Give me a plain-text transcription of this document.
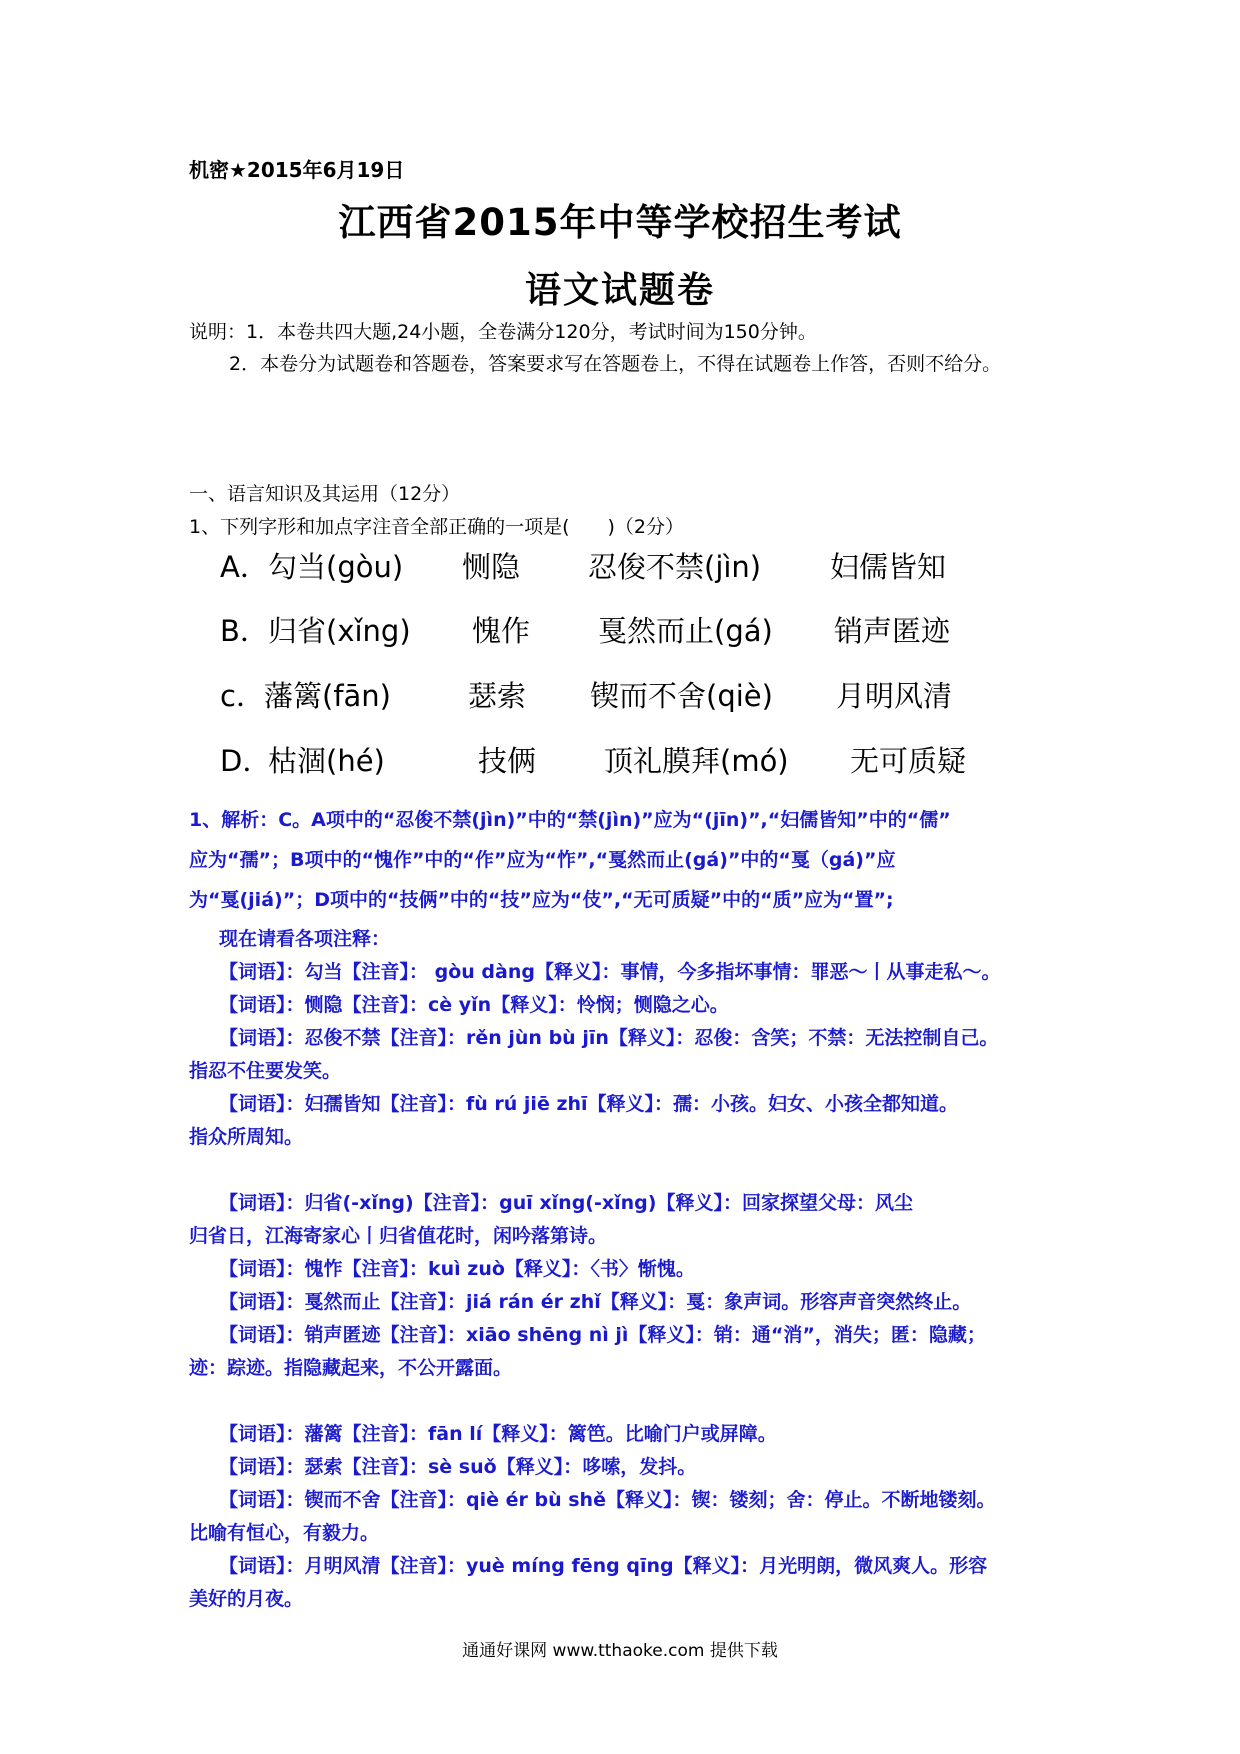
机密★2015年6月19日
江西省2015年中等学校招生考试
语文试题卷
说明：1．本卷共四大题,24小题，全卷满分120分，考试时间为150分钟。
2．本卷分为试题卷和答题卷，答案要求写在答题卷上，不得在试题卷上作答，否则不给分。
一、语言知识及其运用（12分）
1、下列字形和加点字注音全部正确的一项是(　　)（2分）
A． 勾当(gòu) 恻隐 忍俊不禁(jìn) 妇儒皆知
B． 归省(xǐng) 愧作 戛然而止(gá) 销声匿迹
c． 藩篱(fān)	瑟索 锲而不舍(qiè) 月明风清
D．
枯涸(hé)	技俩 顶礼膜拜(mó) 无可质疑

1、解析：C。A项中的“忍俊不禁(jìn)”中的“禁(jìn)”应为“(jīn)”,“妇儒皆知”中的“儒”

应为“孺”；B项中的“愧作”中的“作”应为“怍”,“戛然而止(gá)”中的“戛（gá)”应

为“戛(jiá)”；D项中的“技俩”中的“技”应为“伎”,“无可质疑”中的“质”应为“置”;

现在请看各项注释：

【词语】：勾当【注音】： gòu dàng【释义】：事情，今多指坏事情：罪恶～丨从事走私～。

【词语】：恻隐【注音】：cè yǐn【释义】：怜悯；恻隐之心。

【词语】：忍俊不禁【注音】：rěn jùn bù jīn【释义】：忍俊：含笑；不禁：无法控制自己。

指忍不住要发笑。

【词语】：妇孺皆知【注音】：fù rú jiē zhī【释义】：孺：小孩。妇女、小孩全都知道。

指众所周知。

【词语】：归省(-xǐng)【注音】：guī xǐng(-xǐng)【释义】：回家探望父母：风尘

归省日，江海寄家心丨归省值花时，闲吟落第诗。

【词语】：愧怍【注音】：kuì zuò【释义】：〈书〉惭愧。

【词语】：戛然而止【注音】：jiá rán ér zhǐ【释义】：戛：象声词。形容声音突然终止。

【词语】：销声匿迹【注音】：xiāo shēng nì jì【释义】：销：通“消”，消失；匿：隐藏；

迹：踪迹。指隐藏起来，不公开露面。

【词语】：藩篱【注音】：fān lí【释义】：篱笆。比喻门户或屏障。

【词语】：瑟索【注音】：sè suǒ【释义】：哆嗦，发抖。

【词语】：锲而不舍【注音】：qiè ér bù shě【释义】：锲：镂刻；舍：停止。不断地镂刻。

比喻有恒心，有毅力。

【词语】：月明风清【注音】：yuè míng fēng qīng【释义】：月光明朗，微风爽人。形容

美好的月夜。

通通好课网 www.tthaoke.com 提供下载
